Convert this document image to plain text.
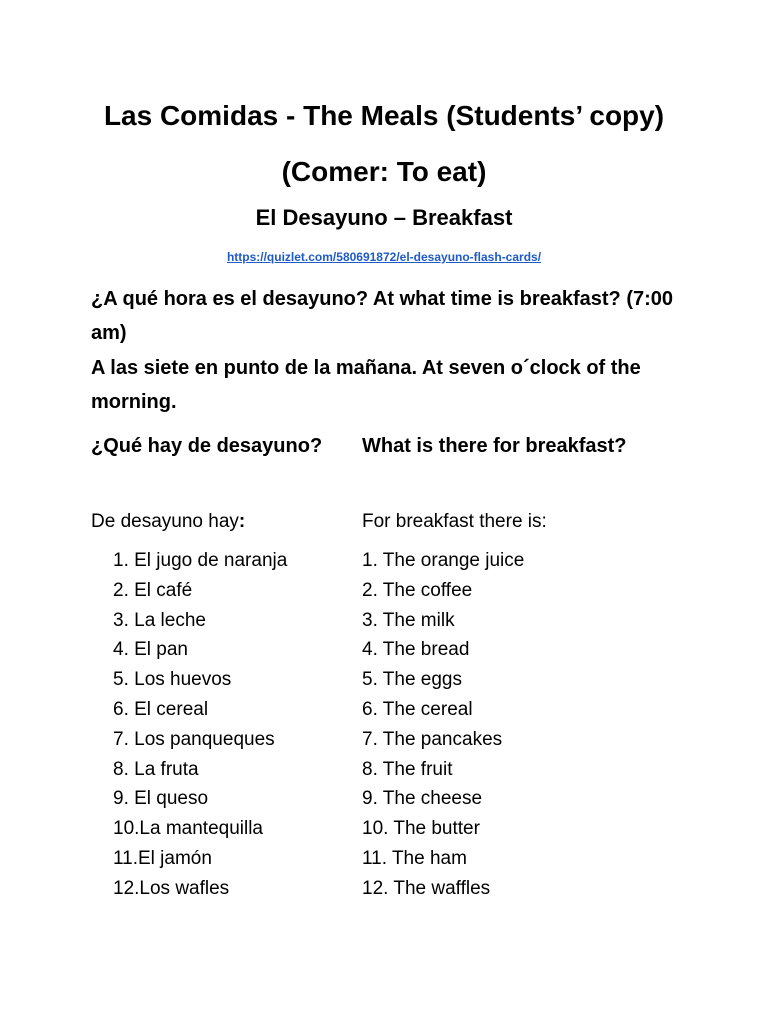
Las Comidas - The Meals (Students’ copy)
(Comer: To eat)
El Desayuno – Breakfast
https://quizlet.com/580691872/el-desayuno-flash-cards/
¿A qué hora es el desayuno? At what time is breakfast? (7:00 am)
A las siete en punto de la mañana. At seven o´clock of the morning.
¿Qué hay de desayuno? What is there for breakfast?
De desayuno hay:	For breakfast there is:
1. El jugo de naranja
2. El café
3. La leche
4. El pan
5. Los huevos
6. El cereal
7. Los panqueques
8. La fruta
9. El queso
10.La mantequilla
11.El jamón
12.Los wafles
1. The orange juice
2. The coffee
3. The milk
4. The bread
5. The eggs
6. The cereal
7. The pancakes
8. The fruit
9. The cheese
10. The butter
11. The ham
12. The waffles
